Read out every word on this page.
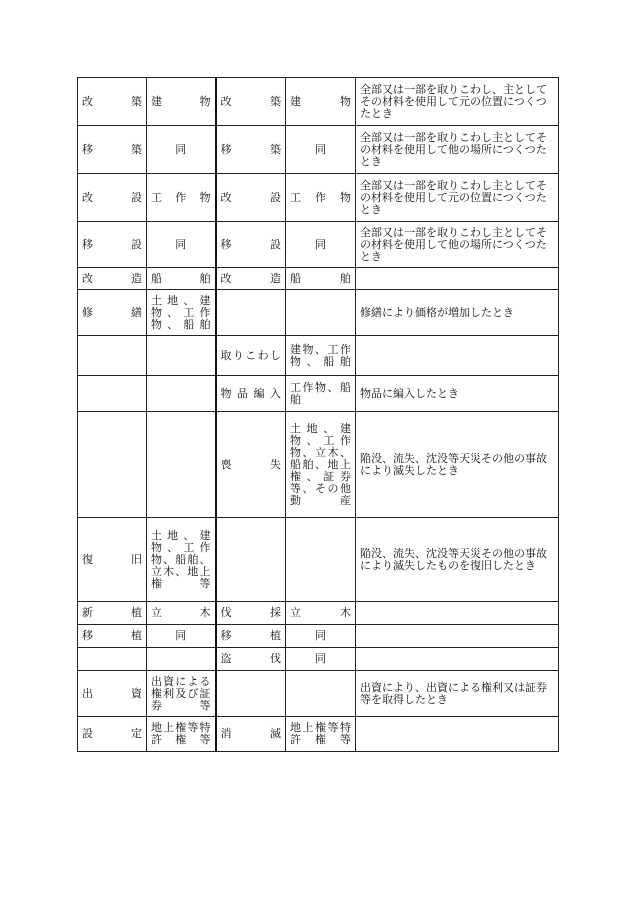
改　　築	建　　物	改　　築	建　　物	全部又は一部を取りこわし、主としてその材料を使用して元の位置につくつたとき
移　　築	同	移　　築	同	全部又は一部を取りこわし主としてその材料を使用して他の場所につくつたとき
改　　設	工　作　物	改　　設	工　作　物	全部又は一部を取りこわし主としてその材料を使用して元の位置につくつたとき
移　　設	同	移　　設	同	全部又は一部を取りこわし主としてその材料を使用して他の場所につくつたとき
改　　造	船　　舶	改　　造	船　　舶	
修　　繕	土地、建物、工作物、船舶			修繕により価格が増加したとき
		取りこわし	建物、工作物、船舶	
		物品編入	工作物、船舶	物品に編入したとき
		喪　　失	土地、建物、工作物、立木、船舶、地上権、証券等、その他動産	陥没、流失、沈没等天災その他の事故により滅失したとき
復　　旧	土地、建物、工作物、船舶、立木、地上権等			陥没、流失、沈没等天災その他の事故により滅失したものを復旧したとき
新　　植	立　　木	伐　　採	立　　木	
移　　植	同	移　　植	同	
		盗　　伐	同	
出　　資	出資による権利及び証券等			出資により、出資による権利又は証券等を取得したとき
設　　定	地上権等特許権等	消　　滅	地上権等特許権等	
